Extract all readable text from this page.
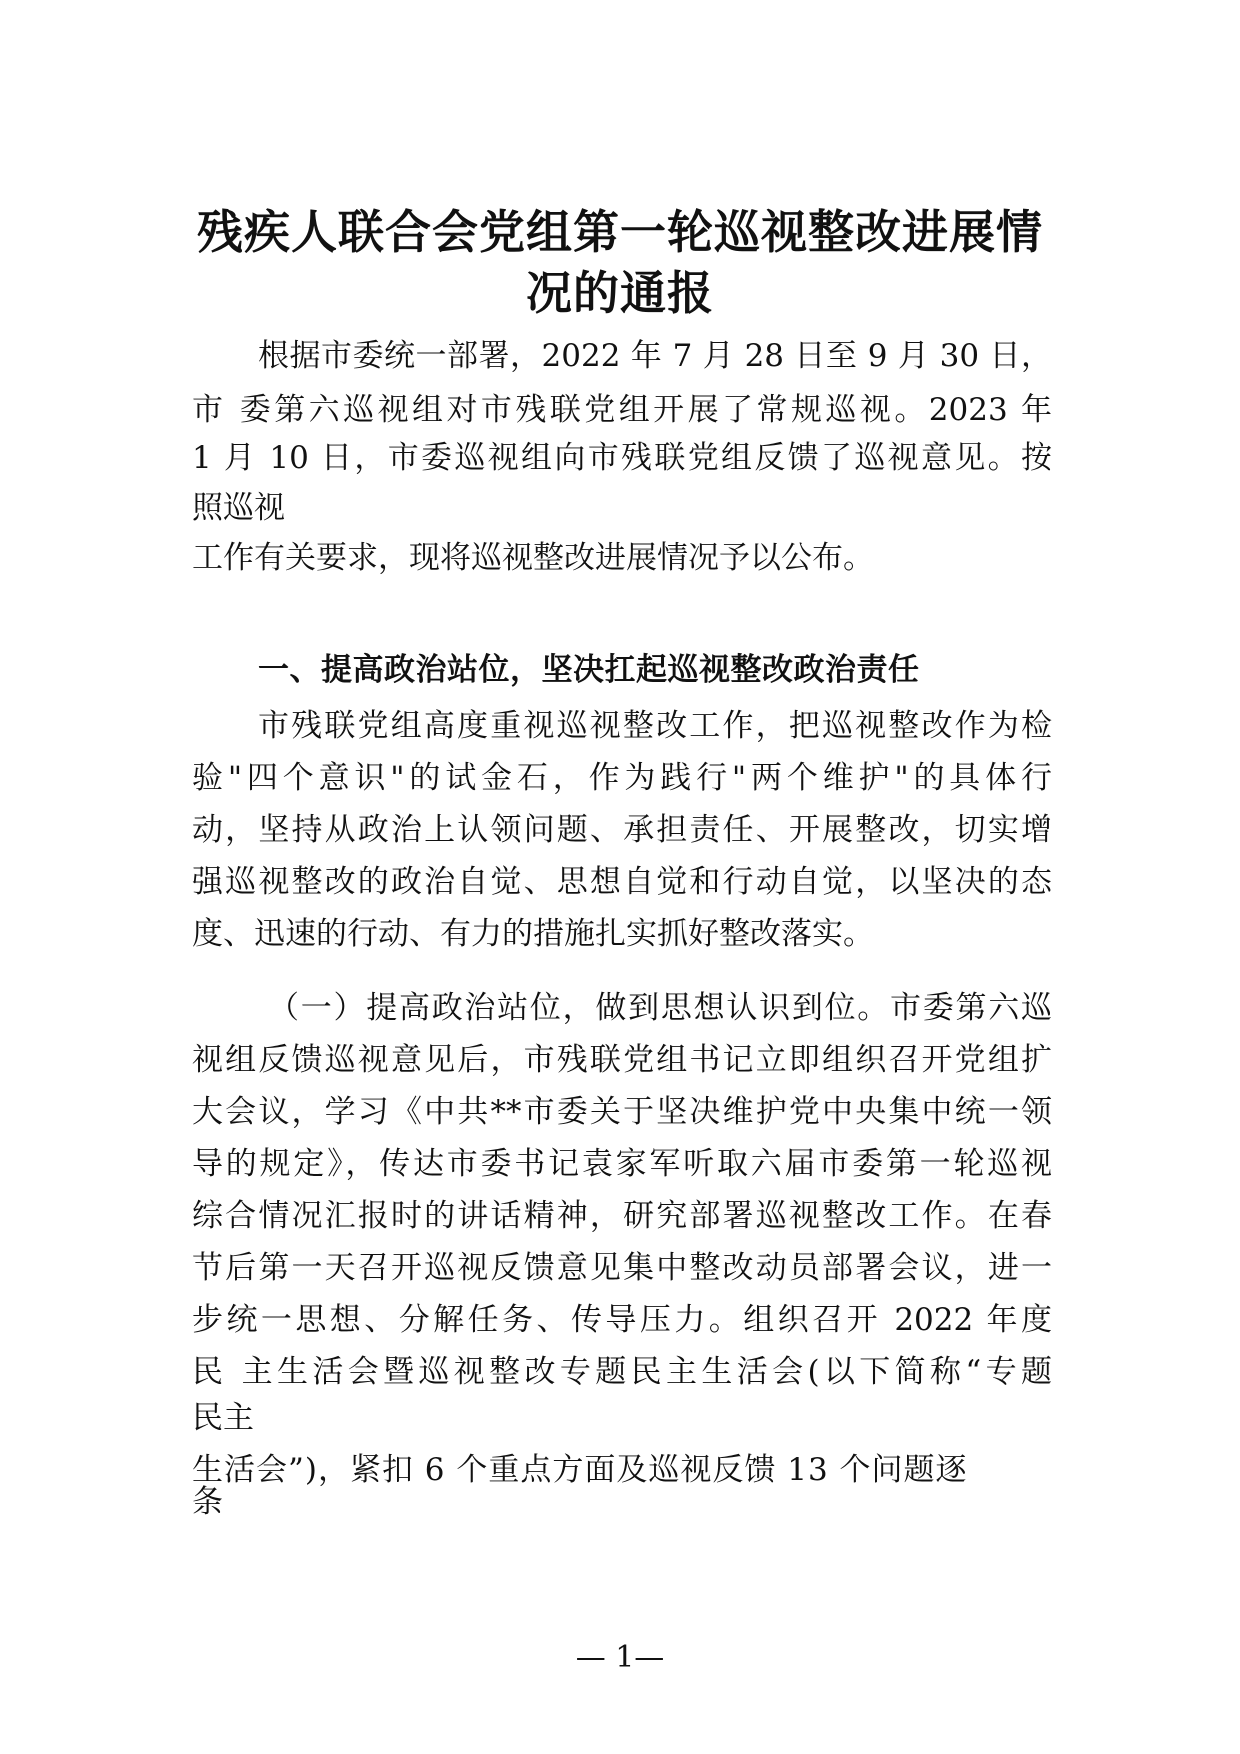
残疾人联合会党组第一轮巡视整改进展情
况的通报
根据市委统一部署，2022 年 7 月 28 日至 9 月 30 日，
市 委第六巡视组对市残联党组开展了常规巡视。2023 年
1 月 10 日，市委巡视组向市残联党组反馈了巡视意见。按
照巡视
工作有关要求，现将巡视整改进展情况予以公布。
一、提高政治站位，坚决扛起巡视整改政治责任
市残联党组高度重视巡视整改工作，把巡视整改作为检
验"四个意识"的试金石，作为践行"两个维护"的具体行
动，坚持从政治上认领问题、承担责任、开展整改，切实增
强巡视整改的政治自觉、思想自觉和行动自觉，以坚决的态
度、迅速的行动、有力的措施扎实抓好整改落实。
（一）提高政治站位，做到思想认识到位。市委第六巡
视组反馈巡视意见后，市残联党组书记立即组织召开党组扩
大会议，学习《中共**市委关于坚决维护党中央集中统一领
导的规定》，传达市委书记袁家军听取六届市委第一轮巡视
综合情况汇报时的讲话精神，研究部署巡视整改工作。在春
节后第一天召开巡视反馈意见集中整改动员部署会议，进一
步统一思想、分解任务、传导压力。组织召开 2022 年度
民 主生活会暨巡视整改专题民主生活会(以下简称“专题
民主
生活会”)，紧扣 6 个重点方面及巡视反馈 13 个问题逐
条
— 1—
